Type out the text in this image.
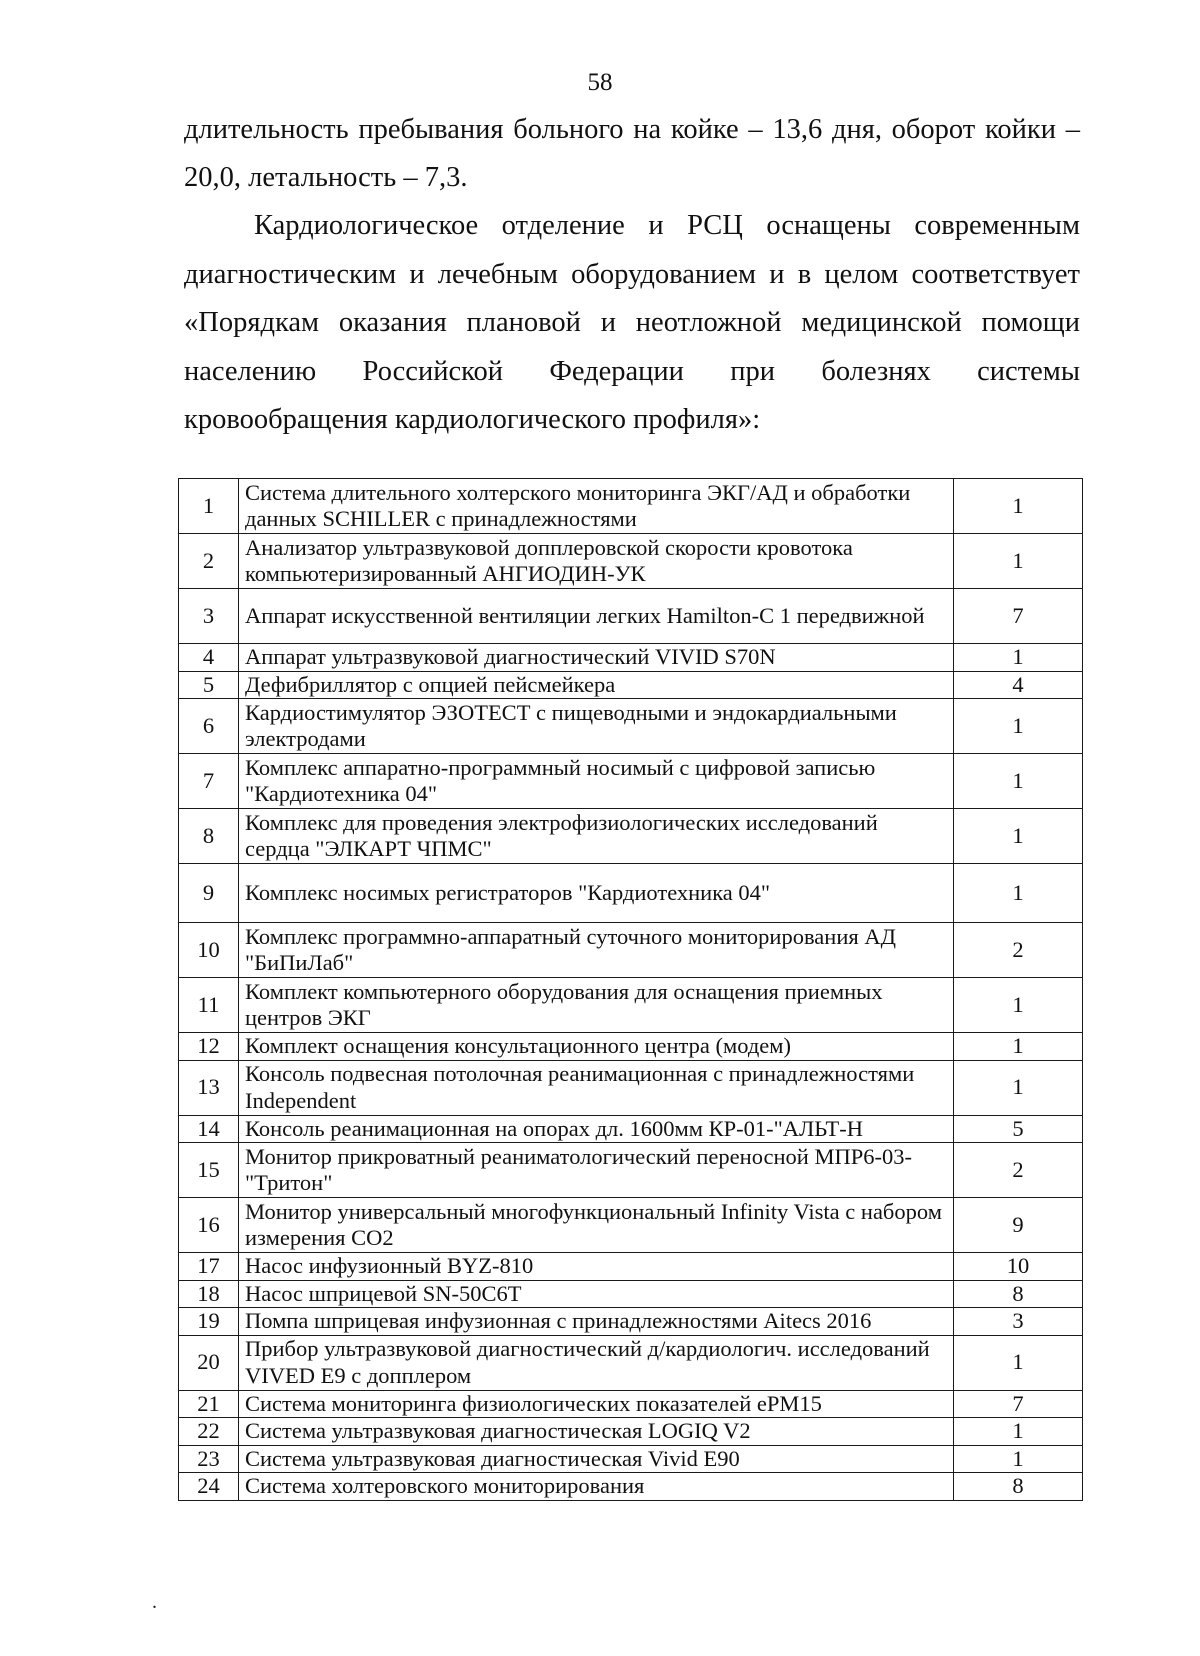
58
длительность пребывания больного на койке – 13,6 дня, оборот койки – 20,0, летальность – 7,3.
Кардиологическое отделение и РСЦ оснащены современным диагностическим и лечебным оборудованием и в целом соответствует «Порядкам оказания плановой и неотложной медицинской помощи населению Российской Федерации при болезнях системы кровообращения кардиологического профиля»:
1	Система длительного холтерского мониторинга ЭКГ/АД и обработки данных SCHILLER с принадлежностями	1
2	Анализатор ультразвуковой допплеровской скорости кровотока компьютеризированный АНГИОДИН-УК	1
3	Аппарат искусственной вентиляции легких Hamilton-C 1 передвижной	7
4	Аппарат ультразвуковой диагностический VIVID S70N	1
5	Дефибриллятор с опцией пейсмейкера	4
6	Кардиостимулятор ЭЗОТЕСТ с пищеводными и эндокардиальными электродами	1
7	Комплекс аппаратно-программный носимый с цифровой записью "Кардиотехника 04"	1
8	Комплекс для проведения электрофизиологических исследований сердца "ЭЛКАРТ ЧПМС"	1
9	Комплекс носимых регистраторов "Кардиотехника 04"	1
10	Комплекс программно-аппаратный суточного мониторирования АД "БиПиЛаб"	2
11	Комплект компьютерного оборудования для оснащения приемных центров ЭКГ	1
12	Комплект оснащения консультационного центра (модем)	1
13	Консоль подвесная потолочная реанимационная с принадлежностями Independent	1
14	Консоль реанимационная на опорах дл. 1600мм КР-01-"АЛЬТ-Н	5
15	Монитор прикроватный реаниматологический переносной МПР6-03- "Тритон"	2
16	Монитор универсальный многофункциональный Infinity Vista с набором измерения СО2	9
17	Насос инфузионный BYZ-810	10
18	Насос шприцевой SN-50C6T	8
19	Помпа шприцевая инфузионная с принадлежностями Aitecs 2016	3
20	Прибор ультразвуковой диагностический д/кардиологич. исследований VIVED E9 с допплером	1
21	Система мониторинга физиологических показателей ePM15	7
22	Система ультразвуковая диагностическая LOGIQ V2	1
23	Система ультразвуковая диагностическая Vivid E90	1
24	Система холтеровского мониторирования	8
.
